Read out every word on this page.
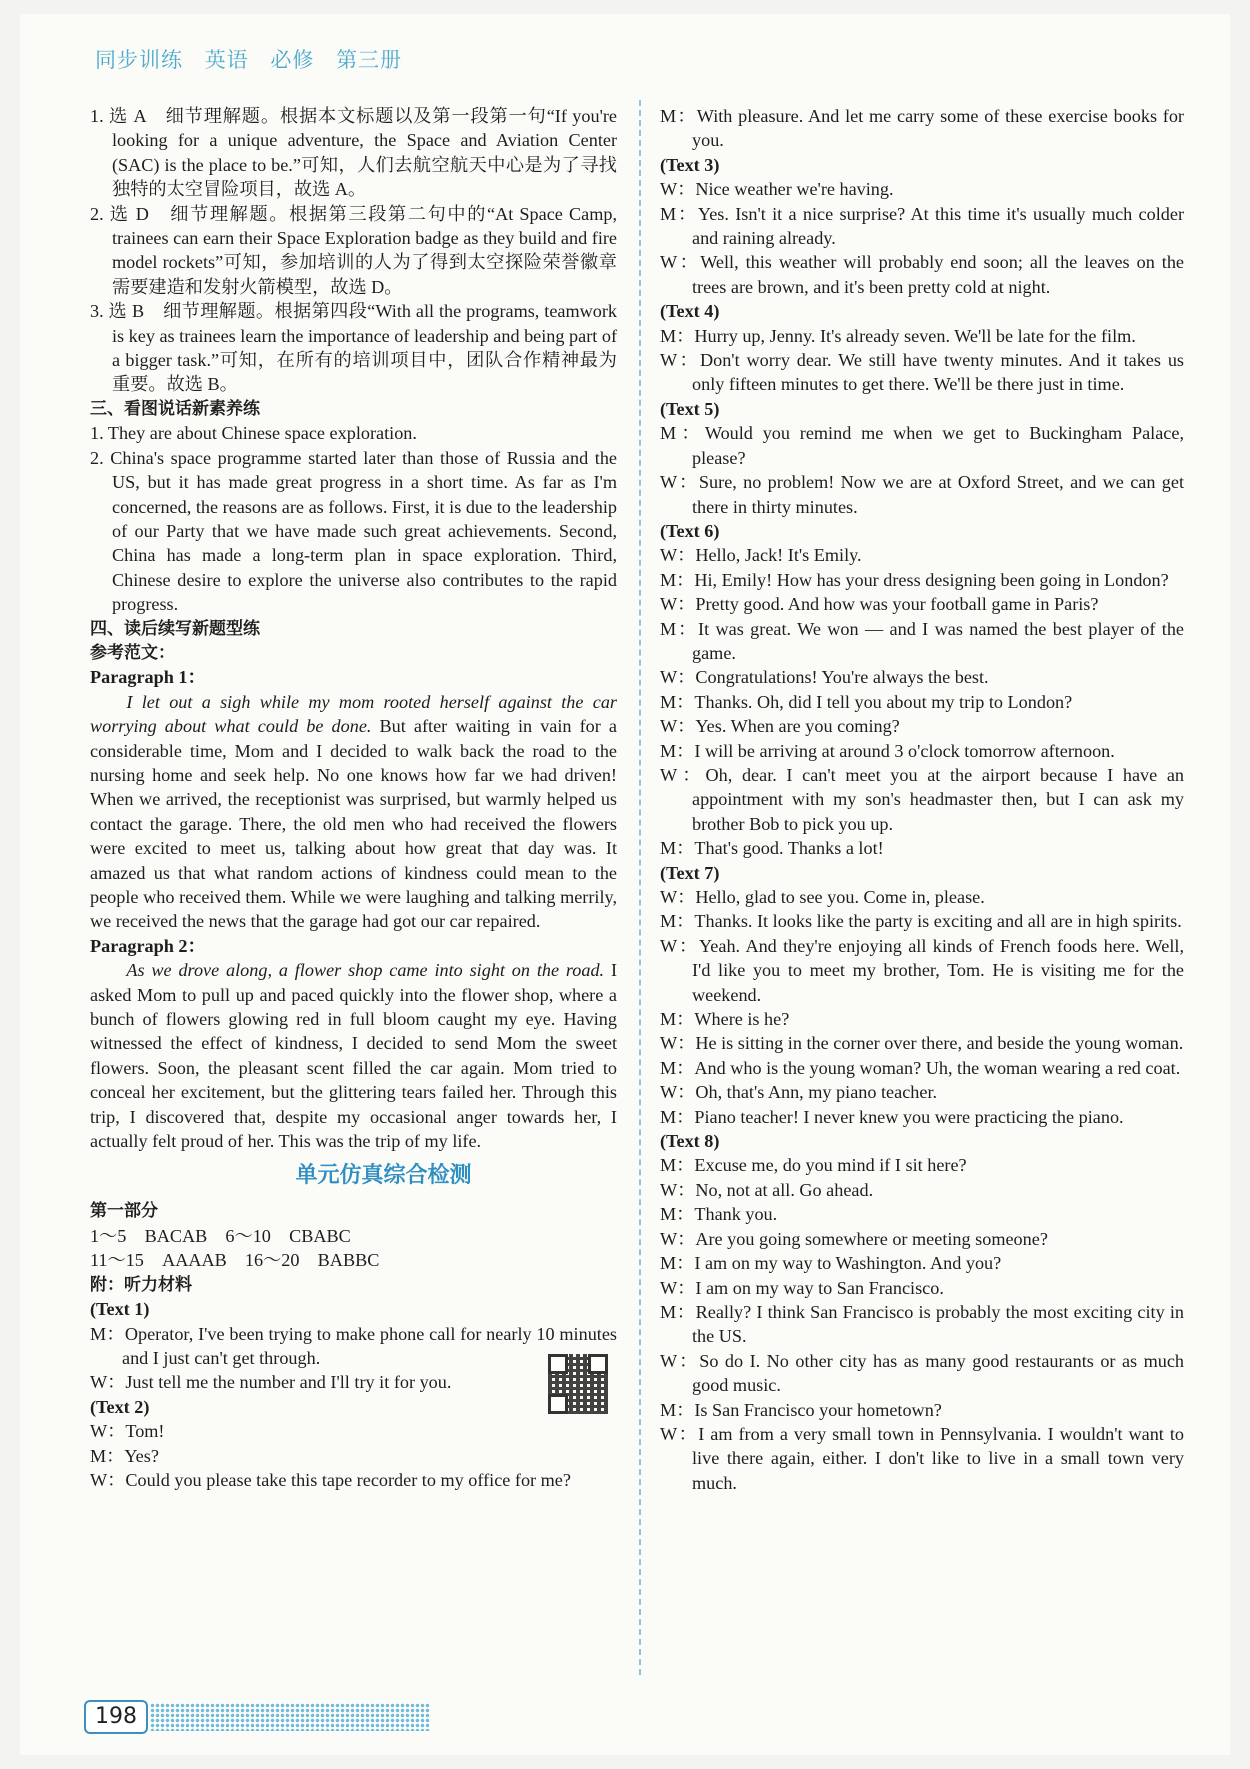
同步训练 英语 必修 第三册

1. 选 A　细节理解题。根据本文标题以及第一段第一句“If you're looking for a unique adventure, the Space and Aviation Center (SAC) is the place to be.”可知，人们去航空航天中心是为了寻找独特的太空冒险项目，故选 A。

2. 选 D　细节理解题。根据第三段第二句中的“At Space Camp, trainees can earn their Space Exploration badge as they build and fire model rockets”可知，参加培训的人为了得到太空探险荣誉徽章需要建造和发射火箭模型，故选 D。

3. 选 B　细节理解题。根据第四段“With all the programs, teamwork is key as trainees learn the importance of leadership and being part of a bigger task.”可知，在所有的培训项目中，团队合作精神最为重要。故选 B。

三、看图说话新素养练

1. They are about Chinese space exploration.

2. China's space programme started later than those of Russia and the US, but it has made great progress in a short time. As far as I'm concerned, the reasons are as follows. First, it is due to the leadership of our Party that we have made such great achievements. Second, China has made a long-term plan in space exploration. Third, Chinese desire to explore the universe also contributes to the rapid progress.

四、读后续写新题型练

参考范文：

Paragraph 1：

I let out a sigh while my mom rooted herself against the car worrying about what could be done. But after waiting in vain for a considerable time, Mom and I decided to walk back the road to the nursing home and seek help. No one knows how far we had driven! When we arrived, the receptionist was surprised, but warmly helped us contact the garage. There, the old men who had received the flowers were excited to meet us, talking about how great that day was. It amazed us that what random actions of kindness could mean to the people who received them. While we were laughing and talking merrily, we received the news that the garage had got our car repaired.

Paragraph 2：

As we drove along, a flower shop came into sight on the road. I asked Mom to pull up and paced quickly into the flower shop, where a bunch of flowers glowing red in full bloom caught my eye. Having witnessed the effect of kindness, I decided to send Mom the sweet flowers. Soon, the pleasant scent filled the car again. Mom tried to conceal her excitement, but the glittering tears failed her. Through this trip, I discovered that, despite my occasional anger towards her, I actually felt proud of her. This was the trip of my life.

单元仿真综合检测

第一部分

1～5　BACAB　6～10　CBABC

11～15　AAAAB　16～20　BABBC

附：听力材料

(Text 1)

M：Operator, I've been trying to make phone call for nearly 10 minutes and I just can't get through.

W：Just tell me the number and I'll try it for you.

(Text 2)

W：Tom!

M：Yes?

W：Could you please take this tape recorder to my office for me?

M：With pleasure. And let me carry some of these exercise books for you.

(Text 3)

W：Nice weather we're having.

M：Yes. Isn't it a nice surprise? At this time it's usually much colder and raining already.

W：Well, this weather will probably end soon; all the leaves on the trees are brown, and it's been pretty cold at night.

(Text 4)

M：Hurry up, Jenny. It's already seven. We'll be late for the film.

W：Don't worry dear. We still have twenty minutes. And it takes us only fifteen minutes to get there. We'll be there just in time.

(Text 5)

M：Would you remind me when we get to Buckingham Palace, please?

W：Sure, no problem! Now we are at Oxford Street, and we can get there in thirty minutes.

(Text 6)

W：Hello, Jack! It's Emily.

M：Hi, Emily! How has your dress designing been going in London?

W：Pretty good. And how was your football game in Paris?

M：It was great. We won — and I was named the best player of the game.

W：Congratulations! You're always the best.

M：Thanks. Oh, did I tell you about my trip to London?

W：Yes. When are you coming?

M：I will be arriving at around 3 o'clock tomorrow afternoon.

W：Oh, dear. I can't meet you at the airport because I have an appointment with my son's headmaster then, but I can ask my brother Bob to pick you up.

M：That's good. Thanks a lot!

(Text 7)

W：Hello, glad to see you. Come in, please.

M：Thanks. It looks like the party is exciting and all are in high spirits.

W：Yeah. And they're enjoying all kinds of French foods here. Well, I'd like you to meet my brother, Tom. He is visiting me for the weekend.

M：Where is he?

W：He is sitting in the corner over there, and beside the young woman.

M：And who is the young woman? Uh, the woman wearing a red coat.

W：Oh, that's Ann, my piano teacher.

M：Piano teacher! I never knew you were practicing the piano.

(Text 8)

M：Excuse me, do you mind if I sit here?

W：No, not at all. Go ahead.

M：Thank you.

W：Are you going somewhere or meeting someone?

M：I am on my way to Washington. And you?

W：I am on my way to San Francisco.

M：Really? I think San Francisco is probably the most exciting city in the US.

W：So do I. No other city has as many good restaurants or as much good music.

M：Is San Francisco your hometown?

W：I am from a very small town in Pennsylvania. I wouldn't want to live there again, either. I don't like to live in a small town very much.

198
